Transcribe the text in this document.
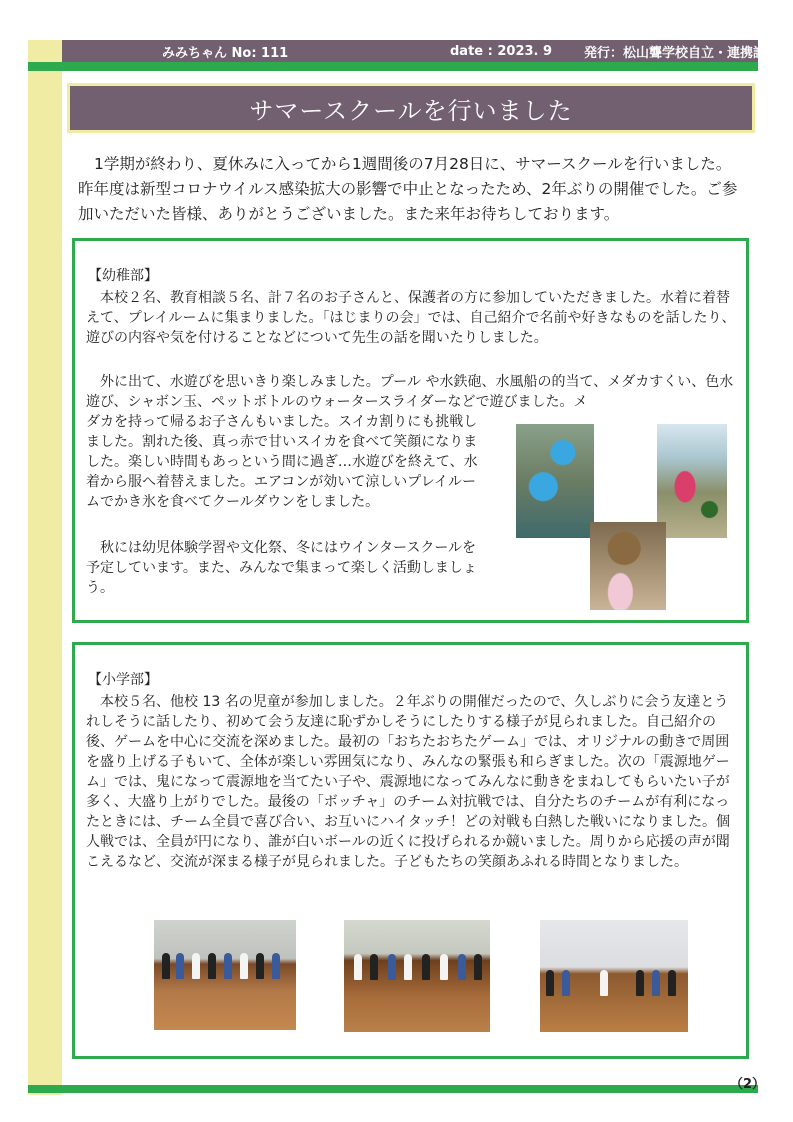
みみちゃん No: 111	date : 2023. 9 発行：松山聾学校自立・連携課
サマースクールを行いました

1学期が終わり、夏休みに入ってから1週間後の7月28日に、サマースクールを行いました。昨年度は新型コロナウイルス感染拡大の影響で中止となったため、2年ぶりの開催でした。ご参加いただいた皆様、ありがとうございました。また来年お待ちしております。

【幼稚部】

本校２名、教育相談５名、計７名のお子さんと、保護者の方に参加していただきました。水着に着替えて、プレイルームに集まりました。「はじまりの会」では、自己紹介で名前や好きなものを話したり、遊びの内容や気を付けることなどについて先生の話を聞いたりしました。

外に出て、水遊びを思いきり楽しみました。プール や水鉄砲、水風船の的当て、メダカすくい、色水遊び、シャボン玉、ペットボトルのウォータースライダーなどで遊びました。メ

ダカを持って帰るお子さんもいました。スイカ割りにも挑戦しました。割れた後、真っ赤で甘いスイカを食べて笑顔になりました。楽しい時間もあっという間に過ぎ…水遊びを終えて、水着から服へ着替えました。エアコンが効いて涼しいプレイルームでかき氷を食べてクールダウンをしました。

秋には幼児体験学習や文化祭、冬にはウインタースクールを予定しています。また、みんなで集まって楽しく活動しましょう。

【小学部】

本校５名、他校 13 名の児童が参加しました。２年ぶりの開催だったので、久しぶりに会う友達とうれしそうに話したり、初めて会う友達に恥ずかしそうにしたりする様子が見られました。自己紹介の後、ゲームを中心に交流を深めました。最初の「おちたおちたゲーム」では、オリジナルの動きで周囲を盛り上げる子もいて、全体が楽しい雰囲気になり、みんなの緊張も和らぎました。次の「震源地ゲーム」では、鬼になって震源地を当てたい子や、震源地になってみんなに動きをまねしてもらいたい子が多く、大盛り上がりでした。最後の「ボッチャ」のチーム対抗戦では、自分たちのチームが有利になったときには、チーム全員で喜び合い、お互いにハイタッチ！どの対戦も白熱した戦いになりました。個人戦では、全員が円になり、誰が白いボールの近くに投げられるか競いました。周りから応援の声が聞こえるなど、交流が深まる様子が見られました。子どもたちの笑顔あふれる時間となりました。

（2）
